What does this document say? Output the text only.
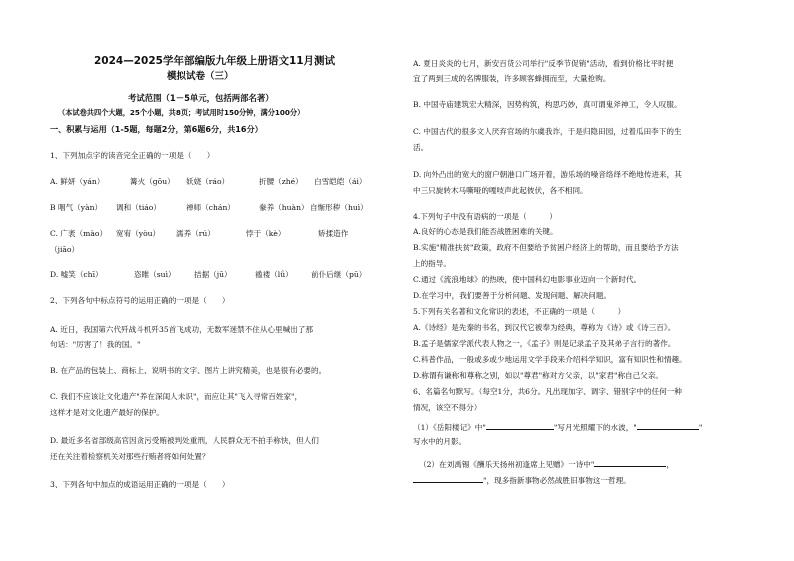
2024—2025学年部编版九年级上册语文11月测试
模拟试卷（三）
考试范围（1－5单元，包括两部名著）
（本试卷共四个大题，25个小题，共8页；考试用时150分钟，满分100分）
一、积累与运用（1-5题，每题2分，第6题6分，共16分）
1、下列加点字的读音完全正确的一项是（　　）
A. 鲜妍（yán）	篝火（gōu） 妖娆（ráo）	折腰（zhé） 白雪皑皑（ái）
B 咽气（yàn） 调和（tiáo）	禅师（chán）	豢养（huàn） 自惭形秽（huì）
C. 广袤（mào） 宽宥（yòu） 濡养（rú）	悖于（kè）	矫揉造作
（jiāo）
D. 嘘笑（chī）	恣睢（suì） 拮据（jū）	褴褛（lǘ） 前仆后继（pū）
2、下列各句中标点符号的运用正确的一项是（　　）
A. 近日，我国第六代歼战斗机歼35首飞成功，无数军迷禁不住从心里喊出了那
句话："厉害了！我的国。"
B. 在产品的包装上、商标上、说明书的文字、图片上讲究精美，也是很有必要的。
C. 我们不应该让文化遗产"养在深闺人未识"，而应让其"飞入寻常百姓家"，
这样才是对文化遗产最好的保护。
D. 最近多名省部级高官因贪污受贿被判处重刑，人民群众无不拍手称快，但人们
还在关注着检察机关对那些行贿者将如何处置？
3、下列各句中加点的成语运用正确的一项是（　　）
A. 夏日炎炎的七月，新安百货公司举行"反季节促销"活动，看到价格比平时便
宜了两到三成的名牌服装，许多顾客蜂拥而至，大量抢购。
B. 中国寺庙建筑宏大精深，因势构筑，构思巧妙，真可谓鬼斧神工，令人叹服。
C. 中国古代的很多文人厌弃官场的尔虞我诈，于是归隐田园，过着瓜田李下的生
活。
D. 向外凸出的宽大的窗户朝港口广场开着，游乐场的噪音络绎不绝地传进来，其
中三只旋转木马嘶哑的嘎吱声此起彼伏，各不相同。
4.下列句子中没有语病的一项是（　　　）
A.良好的心态是我们能否战胜困难的关键。
B.实施"精准扶贫"政策，政府不但要给予贫困户经济上的帮助，而且要给予方法
上的指导。
C.通过《流浪地球》的热映，使中国科幻电影事业迈向一个新时代。
D.在学习中，我们要善于分析问题、发现问题、解决问题。
5.下列有关名著和文化常识的表述，不正确的一项是（　　　）
A.《诗经》是先秦的书名，到汉代它被奉为经典，尊称为《诗》或《诗三百》。
B.孟子是儒家学派代表人物之一，《孟子》则是记录孟子及其弟子言行的著作。
C.科普作品，一般或多或少地运用文学手段来介绍科学知识，富有知识性和情趣。
D.称谓有谦称和尊称之别，如以"尊君"称对方父亲，以"家君"称自己父亲。
6、名篇名句默写。（每空1分，共6分。凡出现加字、调字、错别字中的任何一种
情况，该空不得分）
（1）《岳阳楼记》中"	"写月光照耀下的水波，"	"
写水中的月影。
（2）在刘禹锡《酬乐天扬州初逢席上见赠》一诗中"	，
"，现多指新事物必然战胜旧事物这一哲理。
